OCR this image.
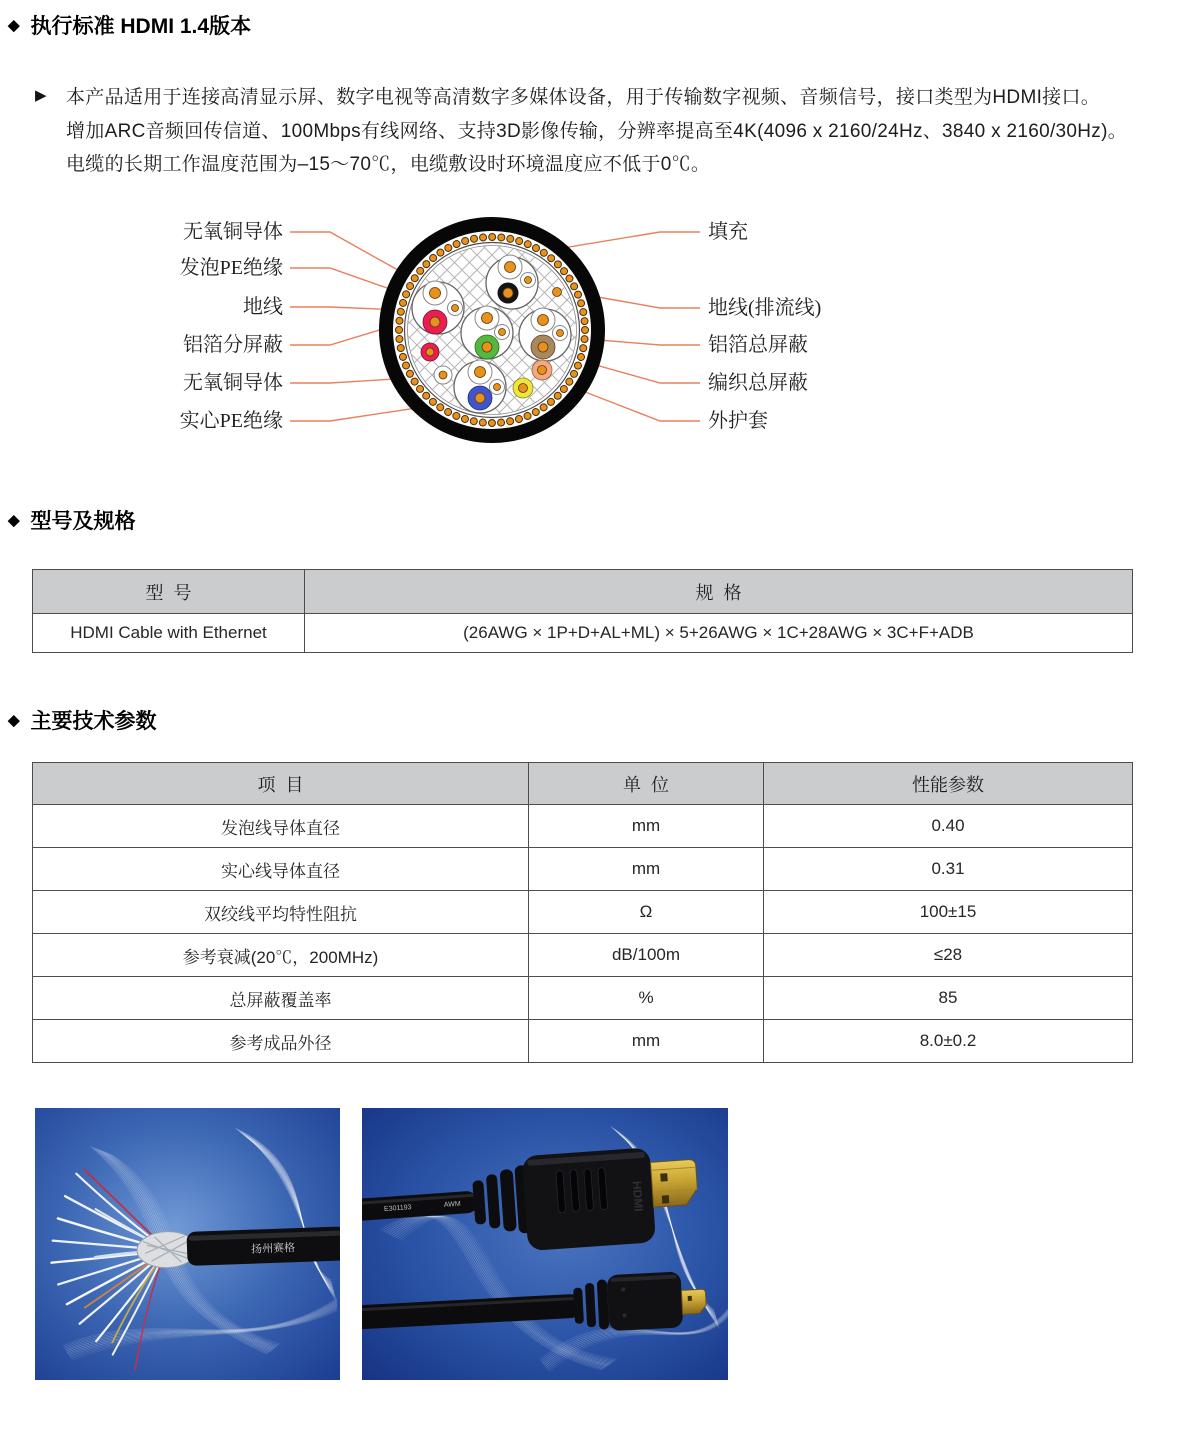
◆ 执行标准 HDMI 1.4版本
▶ 本产品适用于连接高清显示屏、数字电视等高清数字多媒体设备，用于传输数字视频、音频信号，接口类型为HDMI接口。
增加ARC音频回传信道、100Mbps有线网络、支持3D影像传输，分辨率提高至4K(4096 x 2160/24Hz、3840 x 2160/30Hz)。
电缆的长期工作温度范围为–15～70℃，电缆敷设时环境温度应不低于0℃。
无氧铜导体
发泡PE绝缘
地线
铝箔分屏蔽
无氧铜导体
实心PE绝缘
填充
地线(排流线)
铝箔总屏蔽
编织总屏蔽
外护套
◆ 型号及规格
型  号	规  格
HDMI Cable with Ethernet	(26AWG × 1P+D+AL+ML) × 5+26AWG × 1C+28AWG × 3C+F+ADB
◆ 主要技术参数
项  目	单  位	性能参数
发泡线导体直径	mm	0.40
实心线导体直径	mm	0.31
双绞线平均特性阻抗	Ω	100±15
参考衰减(20℃，200MHz)	dB/100m	≤28
总屏蔽覆盖率	%	85
参考成品外径	mm	8.0±0.2
扬州赛格
E301193	AWM	HDMI
